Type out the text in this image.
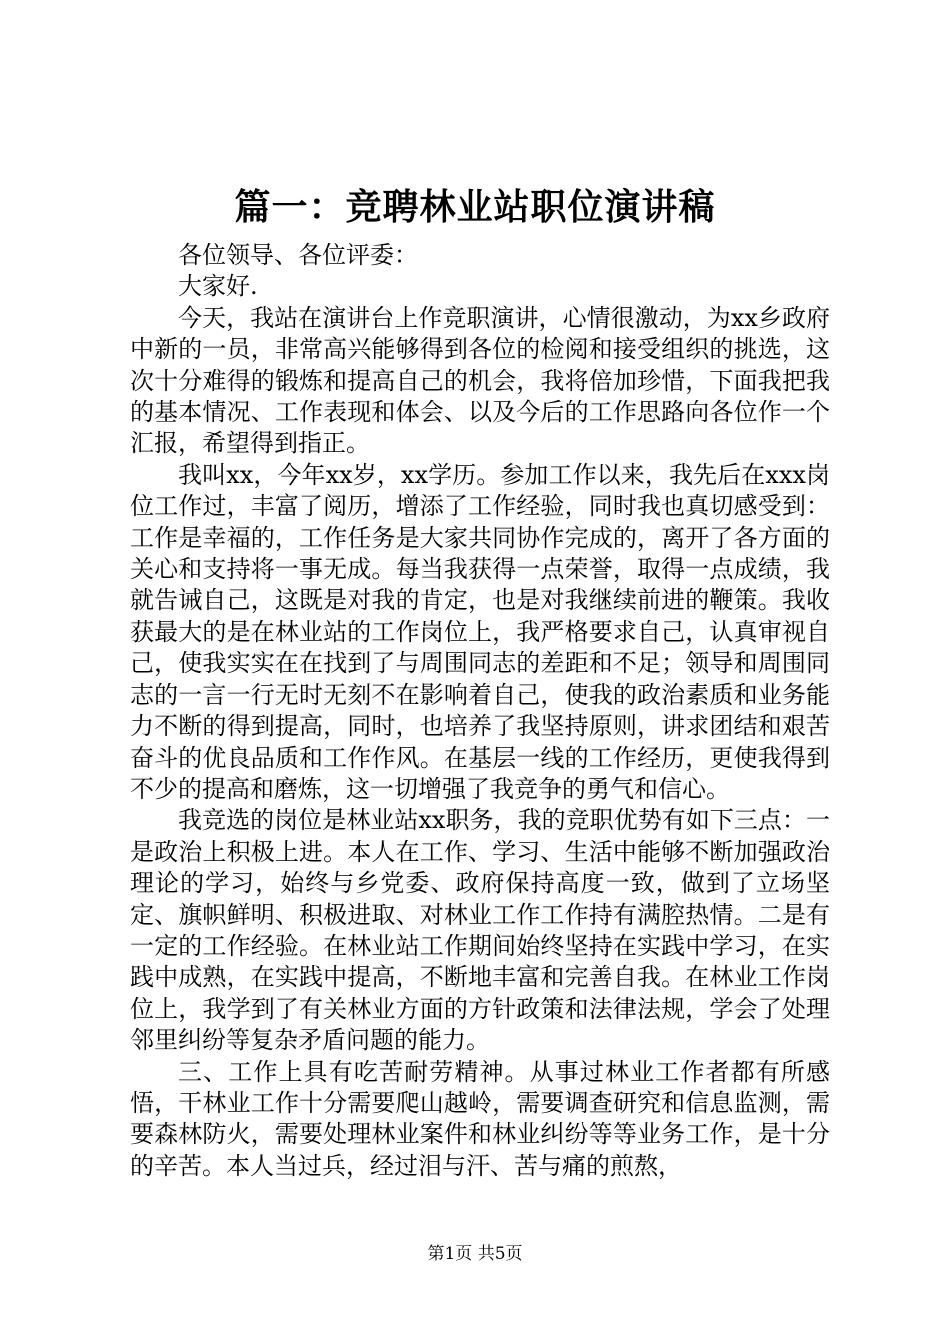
篇一：竞聘林业站职位演讲稿

各位领导、各位评委：

大家好.

今天，我站在演讲台上作竞职演讲，心情很激动，为xx乡政府中新的一员，非常高兴能够得到各位的检阅和接受组织的挑选，这次十分难得的锻炼和提高自己的机会，我将倍加珍惜，下面我把我的基本情况、工作表现和体会、以及今后的工作思路向各位作一个汇报，希望得到指正。

我叫xx，今年xx岁，xx学历。参加工作以来，我先后在xxx岗位工作过，丰富了阅历，增添了工作经验，同时我也真切感受到：工作是幸福的，工作任务是大家共同协作完成的，离开了各方面的关心和支持将一事无成。每当我获得一点荣誉，取得一点成绩，我就告诫自己，这既是对我的肯定，也是对我继续前进的鞭策。我收获最大的是在林业站的工作岗位上，我严格要求自己，认真审视自己，使我实实在在找到了与周围同志的差距和不足；领导和周围同志的一言一行无时无刻不在影响着自己，使我的政治素质和业务能力不断的得到提高，同时，也培养了我坚持原则，讲求团结和艰苦奋斗的优良品质和工作作风。在基层一线的工作经历，更使我得到不少的提高和磨炼，这一切增强了我竞争的勇气和信心。

我竞选的岗位是林业站xx职务，我的竞职优势有如下三点：一是政治上积极上进。本人在工作、学习、生活中能够不断加强政治理论的学习，始终与乡党委、政府保持高度一致，做到了立场坚定、旗帜鲜明、积极进取、对林业工作工作持有满腔热情。二是有一定的工作经验。在林业站工作期间始终坚持在实践中学习，在实践中成熟，在实践中提高，不断地丰富和完善自我。在林业工作岗位上，我学到了有关林业方面的方针政策和法律法规，学会了处理邻里纠纷等复杂矛盾问题的能力。

三、工作上具有吃苦耐劳精神。从事过林业工作者都有所感悟，干林业工作十分需要爬山越岭，需要调查研究和信息监测，需要森林防火，需要处理林业案件和林业纠纷等等业务工作，是十分的辛苦。本人当过兵，经过泪与汗、苦与痛的煎熬，

第1页 共5页
